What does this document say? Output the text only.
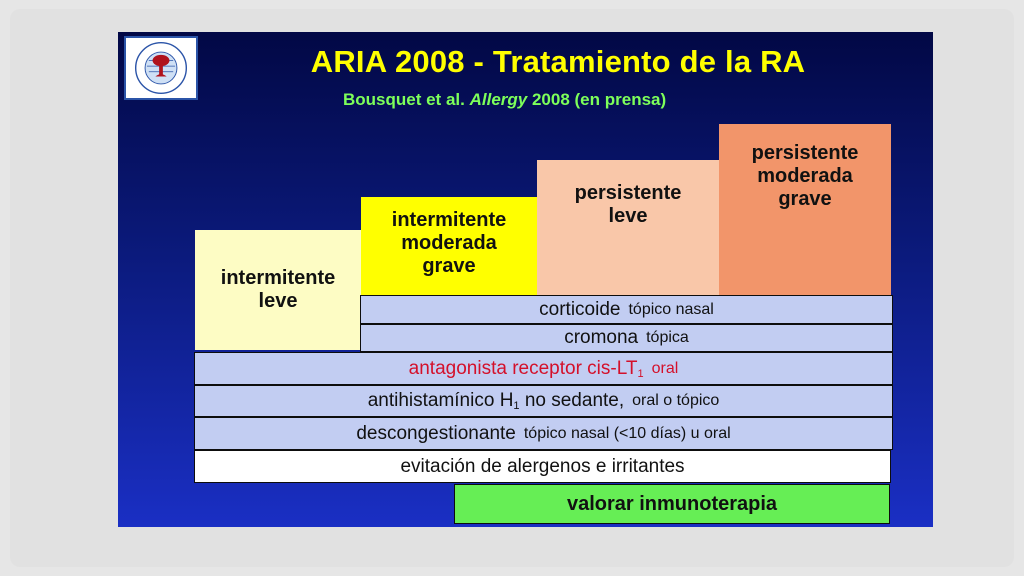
ARIA 2008 - Tratamiento de la RA
Bousquet et al. Allergy 2008 (en prensa)
intermitente
leve
intermitente
moderada
grave
persistente
leve
persistente
moderada
grave
corticoide tópico nasal
cromona tópica
antagonista receptor cis-$LT_1$ oral
antihistamínico $H_1$ no sedante, oral o tópico
descongestionante tópico nasal (<10 días) u oral
evitación de alergenos e irritantes
valorar inmunoterapia
